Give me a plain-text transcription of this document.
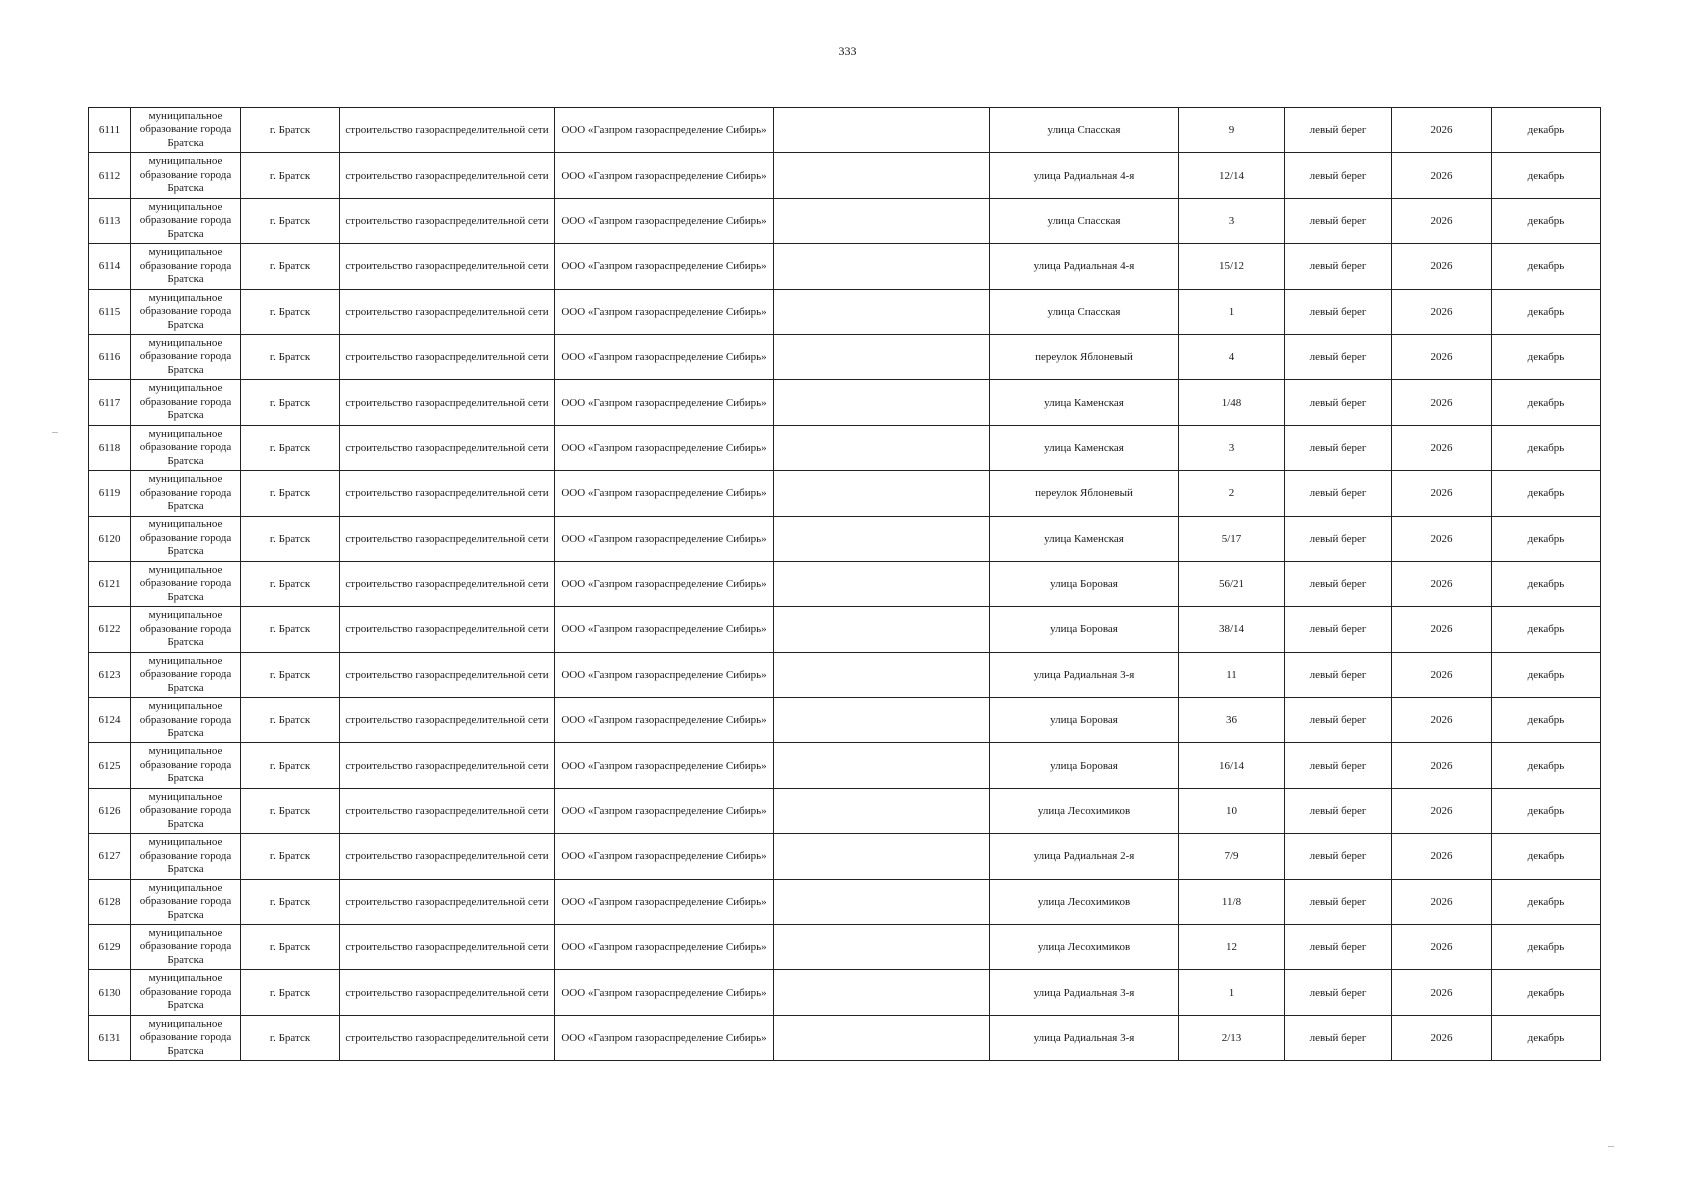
333
6111	муниципальное образование города Братска	г. Братск	строительство газораспределительной сети	ООО «Газпром газораспределение Сибирь»		улица Спасская	9	левый берег	2026	декабрь
6112	муниципальное образование города Братска	г. Братск	строительство газораспределительной сети	ООО «Газпром газораспределение Сибирь»		улица Радиальная 4-я	12/14	левый берег	2026	декабрь
6113	муниципальное образование города Братска	г. Братск	строительство газораспределительной сети	ООО «Газпром газораспределение Сибирь»		улица Спасская	3	левый берег	2026	декабрь
6114	муниципальное образование города Братска	г. Братск	строительство газораспределительной сети	ООО «Газпром газораспределение Сибирь»		улица Радиальная 4-я	15/12	левый берег	2026	декабрь
6115	муниципальное образование города Братска	г. Братск	строительство газораспределительной сети	ООО «Газпром газораспределение Сибирь»		улица Спасская	1	левый берег	2026	декабрь
6116	муниципальное образование города Братска	г. Братск	строительство газораспределительной сети	ООО «Газпром газораспределение Сибирь»		переулок Яблоневый	4	левый берег	2026	декабрь
6117	муниципальное образование города Братска	г. Братск	строительство газораспределительной сети	ООО «Газпром газораспределение Сибирь»		улица Каменская	1/48	левый берег	2026	декабрь
6118	муниципальное образование города Братска	г. Братск	строительство газораспределительной сети	ООО «Газпром газораспределение Сибирь»		улица Каменская	3	левый берег	2026	декабрь
6119	муниципальное образование города Братска	г. Братск	строительство газораспределительной сети	ООО «Газпром газораспределение Сибирь»		переулок Яблоневый	2	левый берег	2026	декабрь
6120	муниципальное образование города Братска	г. Братск	строительство газораспределительной сети	ООО «Газпром газораспределение Сибирь»		улица Каменская	5/17	левый берег	2026	декабрь
6121	муниципальное образование города Братска	г. Братск	строительство газораспределительной сети	ООО «Газпром газораспределение Сибирь»		улица Боровая	56/21	левый берег	2026	декабрь
6122	муниципальное образование города Братска	г. Братск	строительство газораспределительной сети	ООО «Газпром газораспределение Сибирь»		улица Боровая	38/14	левый берег	2026	декабрь
6123	муниципальное образование города Братска	г. Братск	строительство газораспределительной сети	ООО «Газпром газораспределение Сибирь»		улица Радиальная 3-я	11	левый берег	2026	декабрь
6124	муниципальное образование города Братска	г. Братск	строительство газораспределительной сети	ООО «Газпром газораспределение Сибирь»		улица Боровая	36	левый берег	2026	декабрь
6125	муниципальное образование города Братска	г. Братск	строительство газораспределительной сети	ООО «Газпром газораспределение Сибирь»		улица Боровая	16/14	левый берег	2026	декабрь
6126	муниципальное образование города Братска	г. Братск	строительство газораспределительной сети	ООО «Газпром газораспределение Сибирь»		улица Лесохимиков	10	левый берег	2026	декабрь
6127	муниципальное образование города Братска	г. Братск	строительство газораспределительной сети	ООО «Газпром газораспределение Сибирь»		улица Радиальная 2-я	7/9	левый берег	2026	декабрь
6128	муниципальное образование города Братска	г. Братск	строительство газораспределительной сети	ООО «Газпром газораспределение Сибирь»		улица Лесохимиков	11/8	левый берег	2026	декабрь
6129	муниципальное образование города Братска	г. Братск	строительство газораспределительной сети	ООО «Газпром газораспределение Сибирь»		улица Лесохимиков	12	левый берег	2026	декабрь
6130	муниципальное образование города Братска	г. Братск	строительство газораспределительной сети	ООО «Газпром газораспределение Сибирь»		улица Радиальная 3-я	1	левый берег	2026	декабрь
6131	муниципальное образование города Братска	г. Братск	строительство газораспределительной сети	ООО «Газпром газораспределение Сибирь»		улица Радиальная 3-я	2/13	левый берег	2026	декабрь
